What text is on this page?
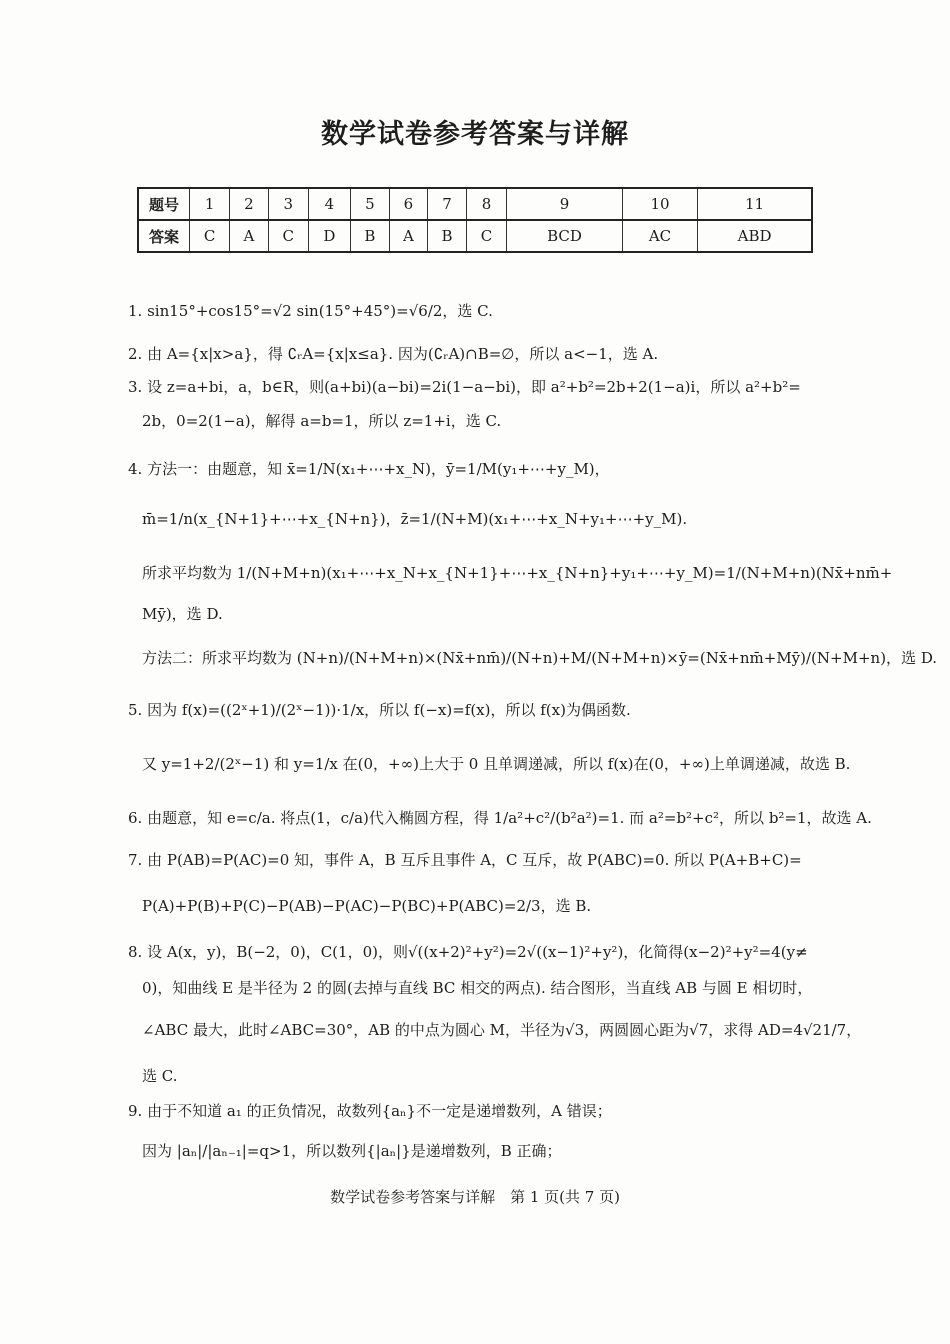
数学试卷参考答案与详解
题号	1	2	3	4	5	6	7	8	9	10	11
答案	C	A	C	D	B	A	B	C	BCD	AC	ABD
1. sin15°+cos15°=√2 sin(15°+45°)=√6/2，选 C.
2. 由 A={x|x>a}，得 ∁ᵣA={x|x≤a}. 因为(∁ᵣA)∩B=∅，所以 a<−1，选 A.
3. 设 z=a+bi，a，b∈R，则(a+bi)(a−bi)=2i(1−a−bi)，即 a²+b²=2b+2(1−a)i，所以 a²+b²=
2b，0=2(1−a)，解得 a=b=1，所以 z=1+i，选 C.
4. 方法一：由题意，知 x̄=1/N(x₁+⋯+x_N)，ȳ=1/M(y₁+⋯+y_M)，
m̄=1/n(x_{N+1}+⋯+x_{N+n})，z̄=1/(N+M)(x₁+⋯+x_N+y₁+⋯+y_M).
所求平均数为 1/(N+M+n)(x₁+⋯+x_N+x_{N+1}+⋯+x_{N+n}+y₁+⋯+y_M)=1/(N+M+n)(Nx̄+nm̄+
Mȳ)，选 D.
方法二：所求平均数为 (N+n)/(N+M+n)×(Nx̄+nm̄)/(N+n)+M/(N+M+n)×ȳ=(Nx̄+nm̄+Mȳ)/(N+M+n)，选 D.
5. 因为 f(x)=((2ˣ+1)/(2ˣ−1))·1/x，所以 f(−x)=f(x)，所以 f(x)为偶函数.
又 y=1+2/(2ˣ−1) 和 y=1/x 在(0，+∞)上大于 0 且单调递减，所以 f(x)在(0，+∞)上单调递减，故选 B.
6. 由题意，知 e=c/a. 将点(1，c/a)代入椭圆方程，得 1/a²+c²/(b²a²)=1. 而 a²=b²+c²，所以 b²=1，故选 A.
7. 由 P(AB)=P(AC)=0 知，事件 A，B 互斥且事件 A，C 互斥，故 P(ABC)=0. 所以 P(A+B+C)=
P(A)+P(B)+P(C)−P(AB)−P(AC)−P(BC)+P(ABC)=2/3，选 B.
8. 设 A(x，y)，B(−2，0)，C(1，0)，则√((x+2)²+y²)=2√((x−1)²+y²)，化简得(x−2)²+y²=4(y≠
0)，知曲线 E 是半径为 2 的圆(去掉与直线 BC 相交的两点). 结合图形，当直线 AB 与圆 E 相切时，
∠ABC 最大，此时∠ABC=30°，AB 的中点为圆心 M，半径为√3，两圆圆心距为√7，求得 AD=4√21/7，
选 C.
9. 由于不知道 a₁ 的正负情况，故数列{aₙ}不一定是递增数列，A 错误；
因为 |aₙ|/|aₙ₋₁|=q>1，所以数列{|aₙ|}是递增数列，B 正确；
数学试卷参考答案与详解　第 1 页(共 7 页)
